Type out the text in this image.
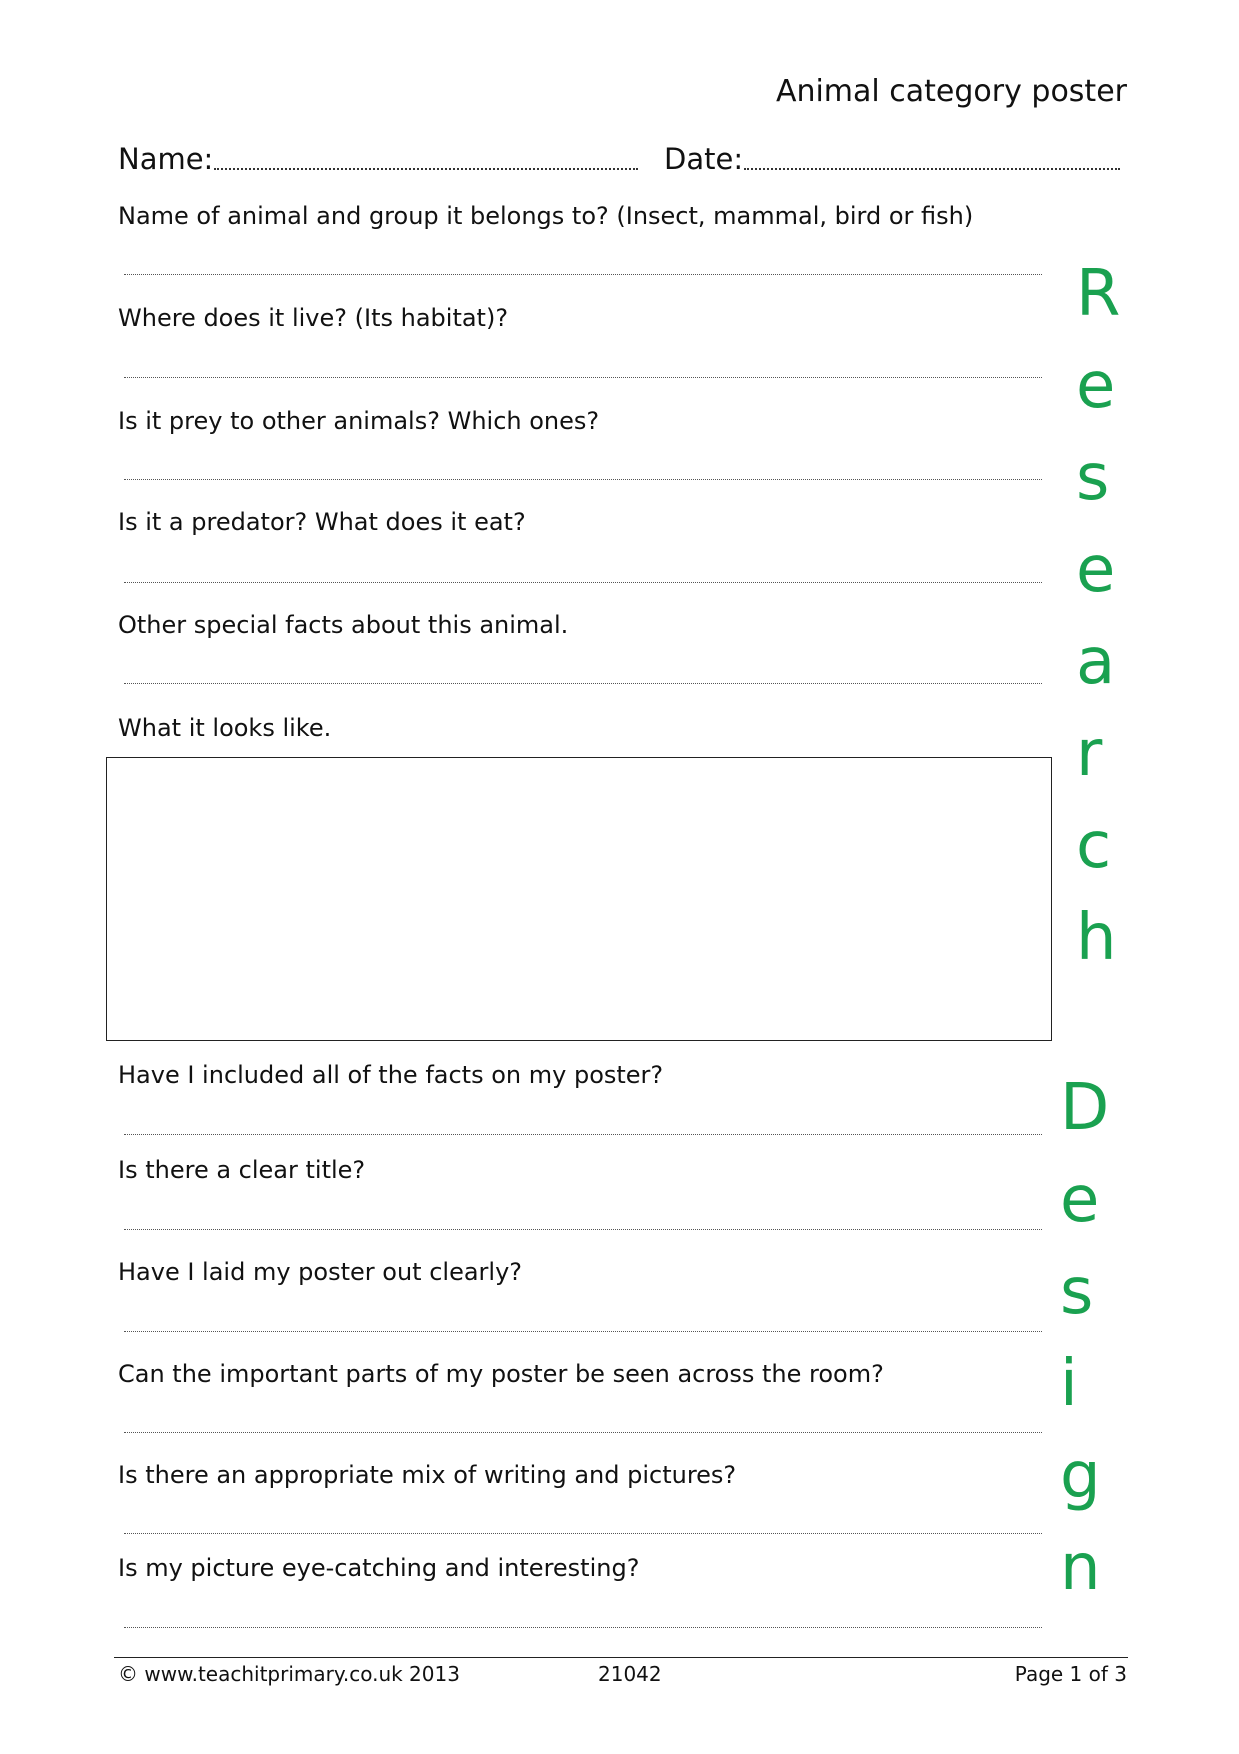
Animal category poster
Name:	Date:
Name of animal and group it belongs to? (Insect, mammal, bird or fish)
Where does it live? (Its habitat)?
Is it prey to other animals? Which ones?
Is it a predator? What does it eat?
Other special facts about this animal.
What it looks like.
Have I included all of the facts on my poster?
Is there a clear title?
Have I laid my poster out clearly?
Can the important parts of my poster be seen across the room?
Is there an appropriate mix of writing and pictures?
Is my picture eye-catching and interesting?
R
e
s
e
a
r
c
h
D
e
s
i
g
n
© www.teachitprimary.co.uk 2013	21042	Page 1 of 3
